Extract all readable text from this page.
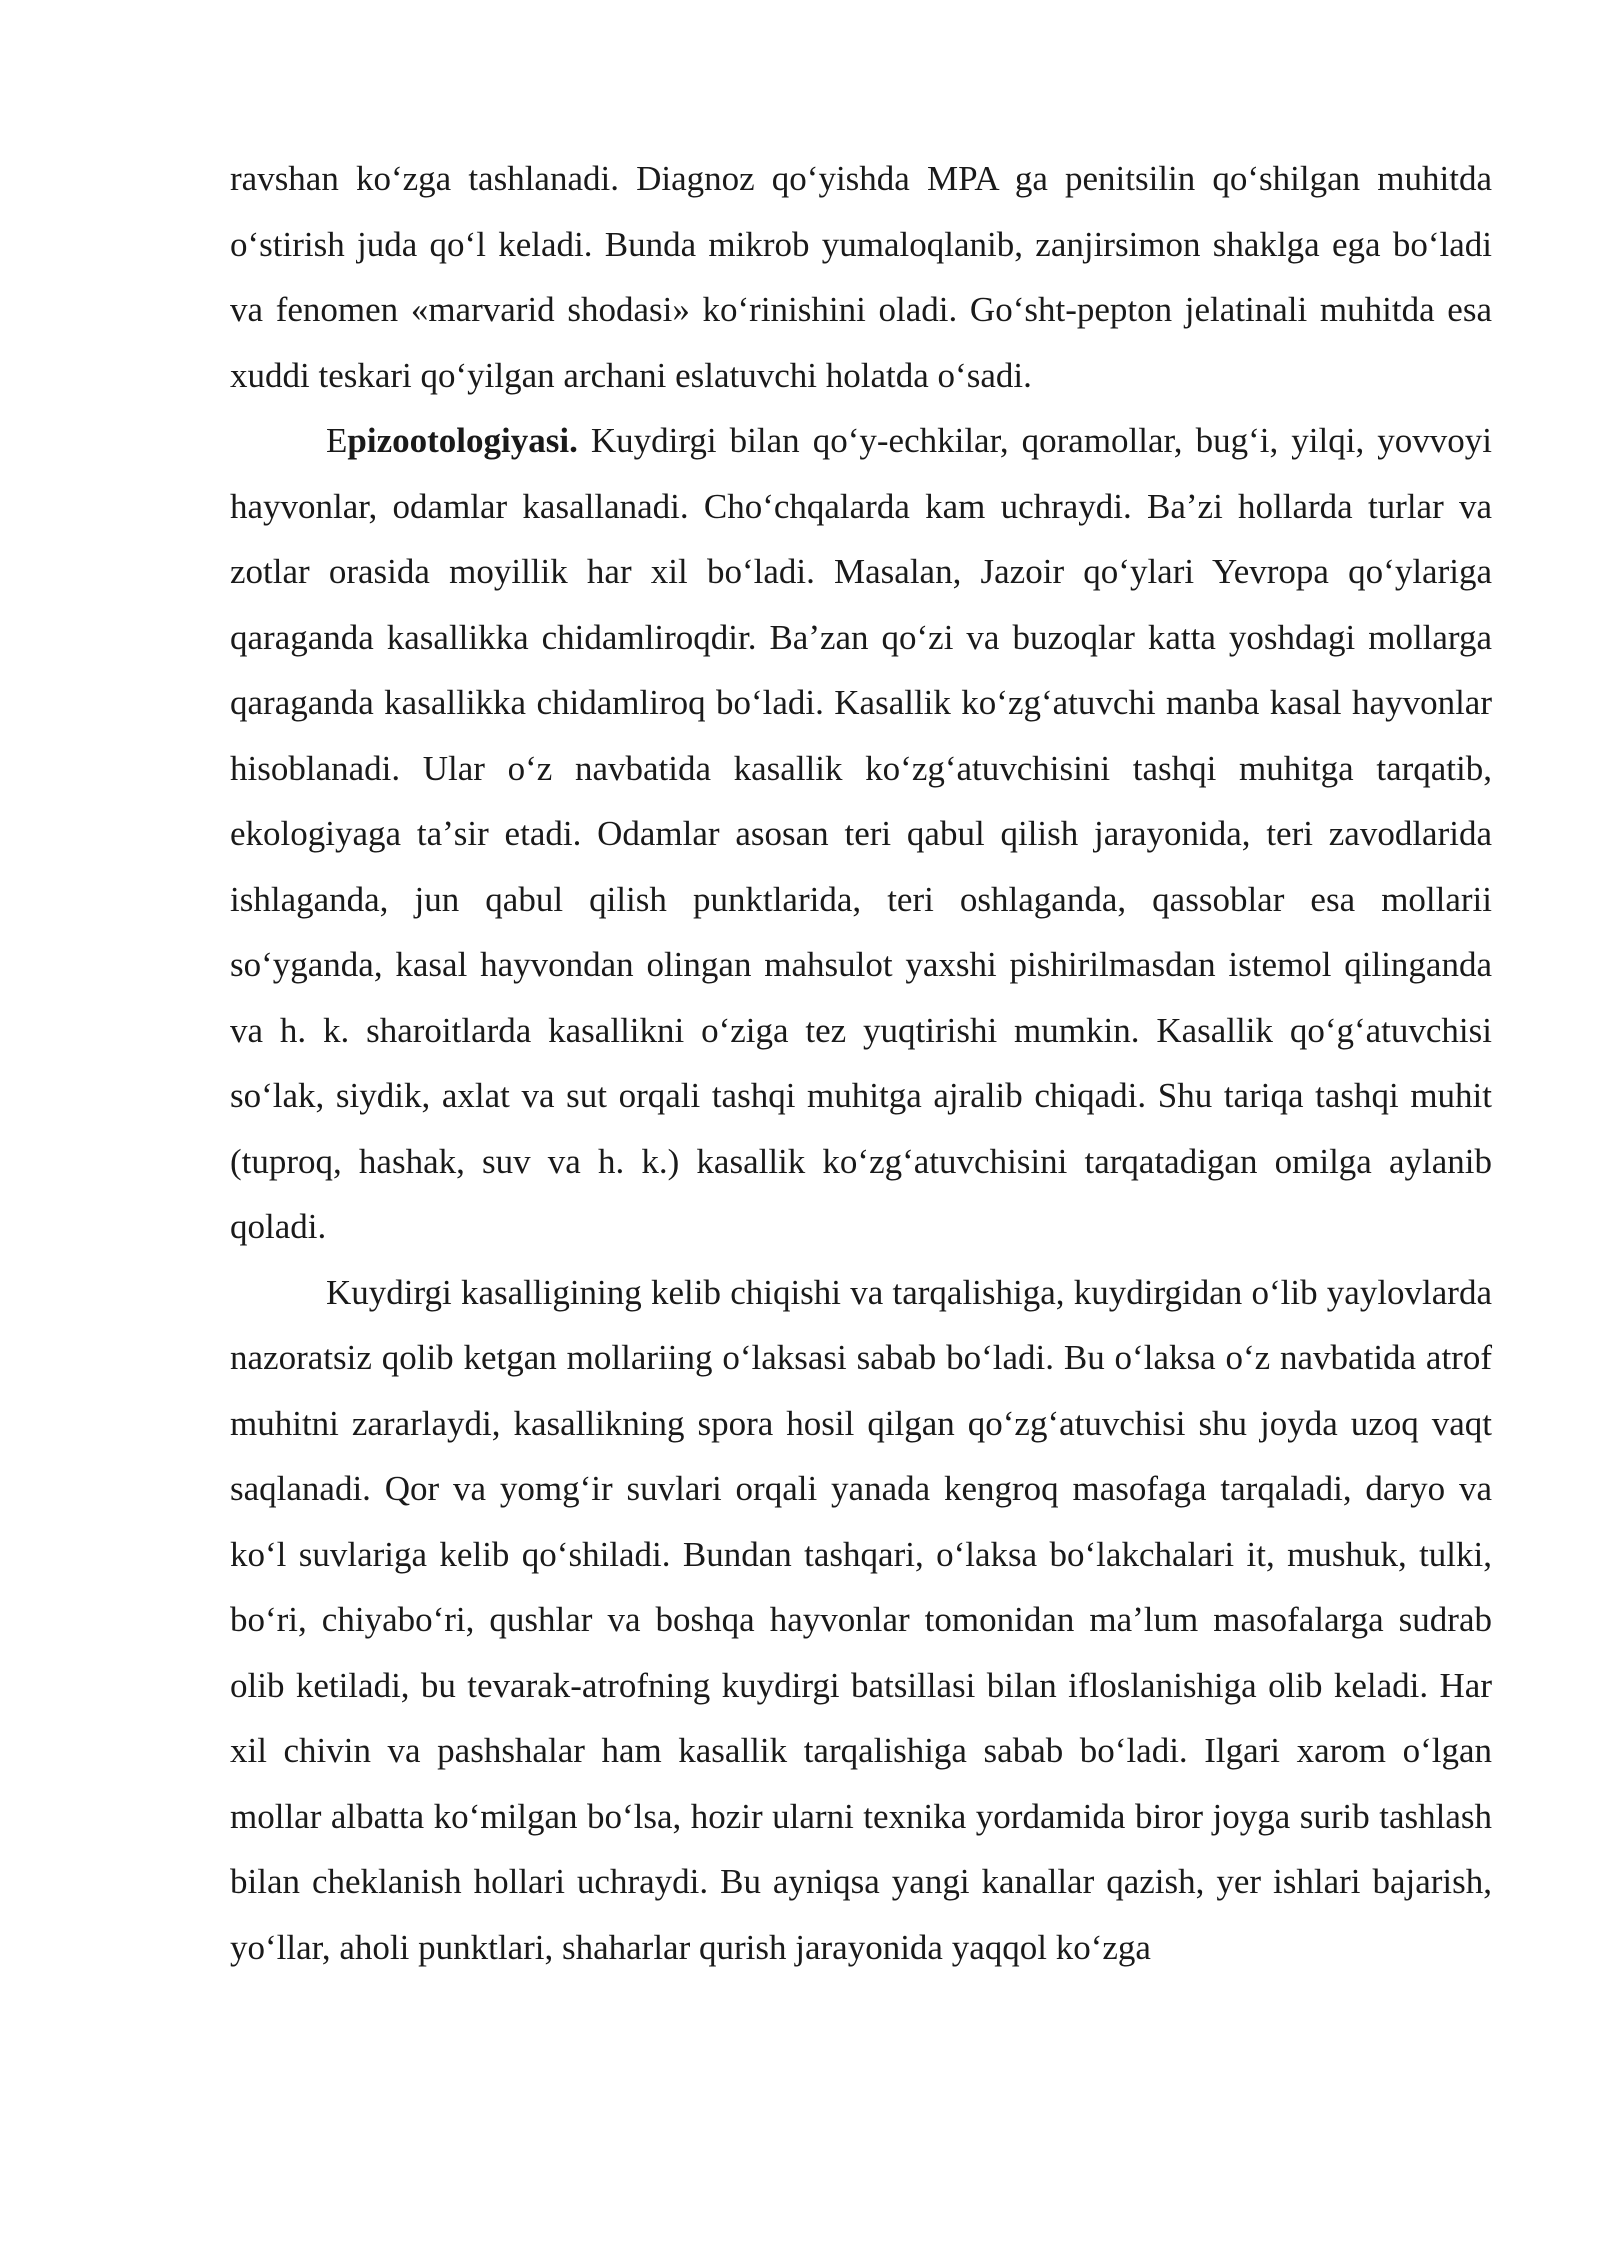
ravshan koʻzga tashlanadi. Diagnoz qoʻyishda MPA ga penitsilin qoʻshilgan muhitda oʻstirish juda qoʻl keladi. Bunda mikrob yumaloqlanib, zanjirsimon shaklga ega boʻladi va fenomen «marvarid shodasi» koʻrinishini oladi. Goʻsht-pepton jelatinali muhitda esa xuddi teskari qoʻyilgan archani eslatuvchi holatda oʻsadi.

Epizootologiyasi. Kuydirgi bilan qoʻy-echkilar, qoramollar, bugʻi, yilqi, yovvoyi hayvonlar, odamlar kasallanadi. Choʻchqalarda kam uchraydi. Baʼzi hollarda turlar va zotlar orasida moyillik har xil boʻladi. Masalan, Jazoir qoʻylari Yevropa qoʻylariga qaraganda kasallikka chidamliroqdir. Baʼzan qoʻzi va buzoqlar katta yoshdagi mollarga qaraganda kasallikka chidamliroq boʻladi. Kasallik koʻzgʻatuvchi manba kasal hayvonlar hisoblanadi. Ular oʻz navbatida kasallik koʻzgʻatuvchisini tashqi muhitga tarqatib, ekologiyaga taʼsir etadi. Odamlar asosan teri qabul qilish jarayonida, teri zavodlarida ishlaganda, jun qabul qilish punktlarida, teri oshlaganda, qassoblar esa mollarii soʻyganda, kasal hayvondan olingan mahsulot yaxshi pishirilmasdan istemol qilinganda va h. k. sharoitlarda kasallikni oʻziga tez yuqtirishi mumkin. Kasallik qoʻgʻatuvchisi soʻlak, siydik, axlat va sut orqali tashqi muhitga ajralib chiqadi. Shu tariqa tashqi muhit (tuproq, hashak, suv va h. k.) kasallik koʻzgʻatuvchisini tarqatadigan omilga aylanib qoladi.

Kuydirgi kasalligining kelib chiqishi va tarqalishiga, kuydirgidan oʻlib yaylovlarda nazoratsiz qolib ketgan mollariing oʻlaksasi sabab boʻladi. Bu oʻlaksa oʻz navbatida atrof muhitni zararlaydi, kasallikning spora hosil qilgan qoʻzgʻatuvchisi shu joyda uzoq vaqt saqlanadi. Qor va yomgʻir suvlari orqali yanada kengroq masofaga tarqaladi, daryo va koʻl suvlariga kelib qoʻshiladi. Bundan tashqari, oʻlaksa boʻlakchalari it, mushuk, tulki, boʻri, chiyaboʻri, qushlar va boshqa hayvonlar tomonidan maʼlum masofalarga sudrab olib ketiladi, bu tevarak-atrofning kuydirgi batsillasi bilan ifloslanishiga olib keladi. Har xil chivin va pashshalar ham kasallik tarqalishiga sabab boʻladi. Ilgari xarom oʻlgan mollar albatta koʻmilgan boʻlsa, hozir ularni texnika yordamida biror joyga surib tashlash bilan cheklanish hollari uchraydi. Bu ayniqsa yangi kanallar qazish, yer ishlari bajarish, yoʻllar, aholi punktlari, shaharlar qurish jarayonida yaqqol koʻzga
